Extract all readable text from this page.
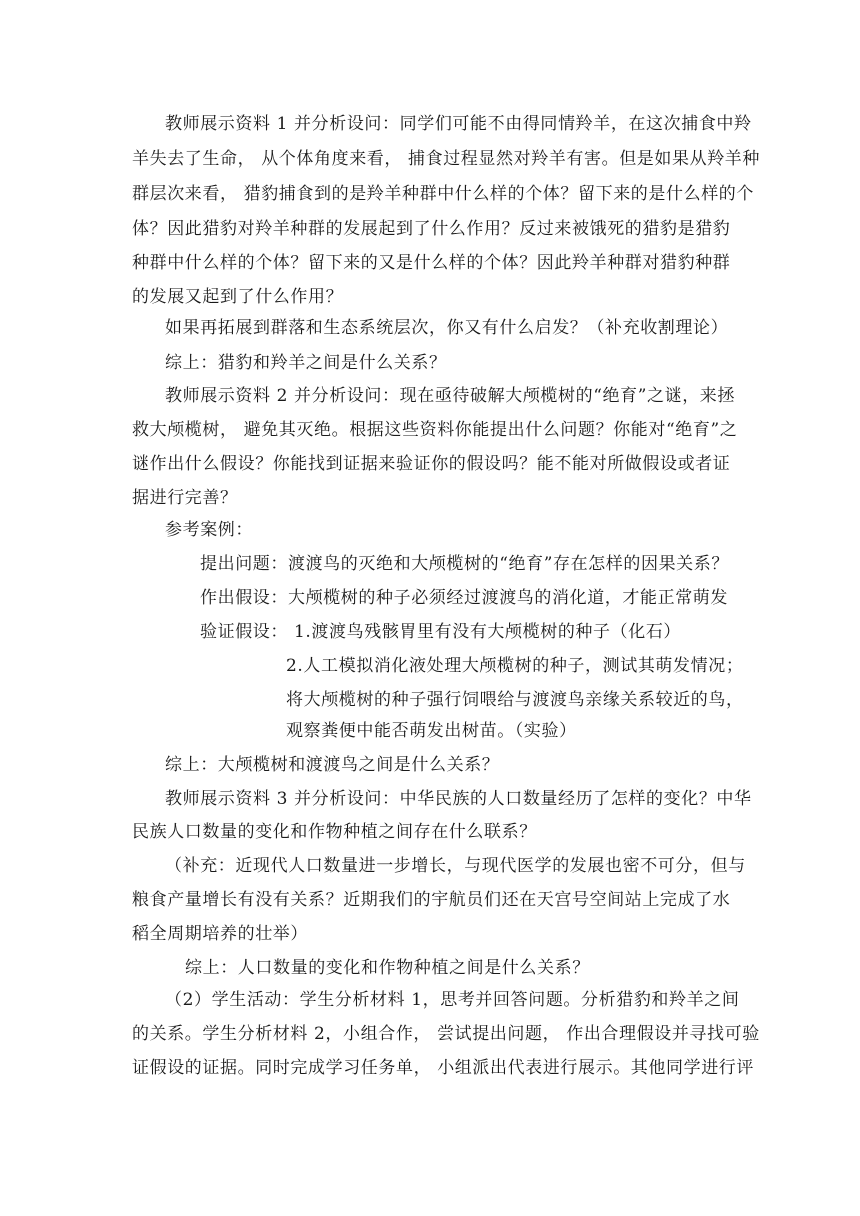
教师展示资料 1 并分析设问：同学们可能不由得同情羚羊，在这次捕食中羚
羊失去了生命， 从个体角度来看， 捕食过程显然对羚羊有害。但是如果从羚羊种
群层次来看， 猎豹捕食到的是羚羊种群中什么样的个体？留下来的是什么样的个
体？因此猎豹对羚羊种群的发展起到了什么作用？反过来被饿死的猎豹是猎豹
种群中什么样的个体？留下来的又是什么样的个体？因此羚羊种群对猎豹种群
的发展又起到了什么作用？
如果再拓展到群落和生态系统层次，你又有什么启发？（补充收割理论）
综上：猎豹和羚羊之间是什么关系？
教师展示资料 2 并分析设问：现在亟待破解大颅榄树的“绝育”之谜，来拯
救大颅榄树， 避免其灭绝。根据这些资料你能提出什么问题？你能对“绝育”之
谜作出什么假设？你能找到证据来验证你的假设吗？能不能对所做假设或者证
据进行完善？
参考案例：
提出问题：渡渡鸟的灭绝和大颅榄树的“绝育”存在怎样的因果关系？
作出假设：大颅榄树的种子必须经过渡渡鸟的消化道，才能正常萌发
验证假设： 1.渡渡鸟残骸胃里有没有大颅榄树的种子（化石）
2.人工模拟消化液处理大颅榄树的种子，测试其萌发情况；
将大颅榄树的种子强行饲喂给与渡渡鸟亲缘关系较近的鸟，
观察粪便中能否萌发出树苗。（实验）
综上：大颅榄树和渡渡鸟之间是什么关系？
教师展示资料 3 并分析设问：中华民族的人口数量经历了怎样的变化？中华
民族人口数量的变化和作物种植之间存在什么联系？
（补充：近现代人口数量进一步增长，与现代医学的发展也密不可分，但与
粮食产量增长有没有关系？近期我们的宇航员们还在天宫号空间站上完成了水
稻全周期培养的壮举）
综上：人口数量的变化和作物种植之间是什么关系？
（2）学生活动：学生分析材料 1，思考并回答问题。分析猎豹和羚羊之间
的关系。学生分析材料 2，小组合作， 尝试提出问题， 作出合理假设并寻找可验
证假设的证据。同时完成学习任务单， 小组派出代表进行展示。其他同学进行评
